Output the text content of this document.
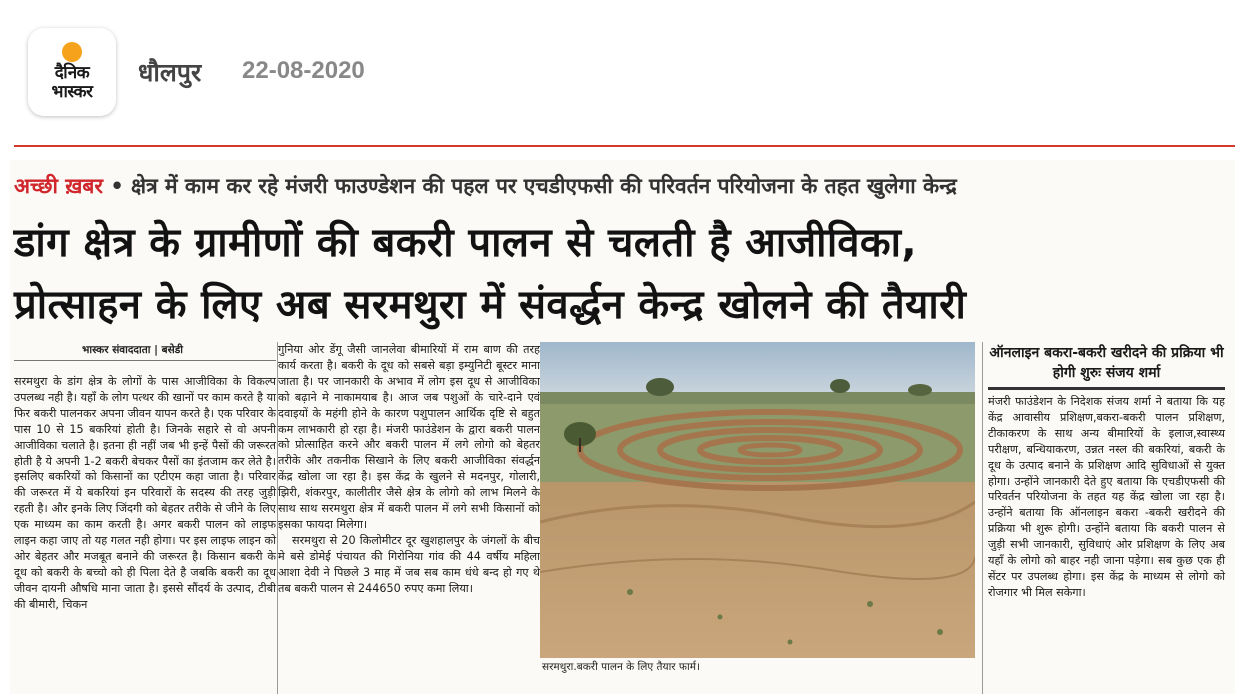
दैनिक
भास्कर
धौलपुर 22-08-2020
अच्छी ख़बर • क्षेत्र में काम कर रहे मंजरी फाउण्डेशन की पहल पर एचडीएफसी की परिवर्तन परियोजना के तहत खुलेगा केन्द्र
डांग क्षेत्र के ग्रामीणों की बकरी पालन से चलती है आजीविका,
प्रोत्साहन के लिए अब सरमथुरा में संवर्द्धन केन्द्र खोलने की तैयारी
भास्कर संवाददाता | बसेडी
सरमथुरा के डांग क्षेत्र के लोगों के पास आजीविका के विकल्प उपलब्ध नही है। यहाँ के लोग पत्थर की खानों पर काम करते है या फिर बकरी पालनकर अपना जीवन यापन करते है। एक परिवार के पास 10 से 15 बकरियां होती है। जिनके सहारे से वो अपनी आजीविका चलाते है। इतना ही नहीं जब भी इन्हें पैसों की जरूरत होती है ये अपनी 1-2 बकरी बेचकर पैसों का इंतजाम कर लेते है। इसलिए बकरियों को किसानों का एटीएम कहा जाता है। परिवार की जरूरत में ये बकरियां इन परिवारों के सदस्य की तरह जुड़ी रहती है। और इनके लिए जिंदगी को बेहतर तरीके से जीने के लिए एक माध्यम का काम करती है। अगर बकरी पालन को लाइफ लाइन कहा जाए तो यह गलत नही होगा। पर इस लाइफ लाइन को ओर बेहतर और मजबूत बनाने की जरूरत है। किसान बकरी के दूध को बकरी के बच्चो को ही पिला देते है जबकि बकरी का दूध जीवन दायनी औषधि माना जाता है। इससे सौंदर्य के उत्पाद, टीबी की बीमारी, चिकन

गुनिया ओर डेंगू जैसी जानलेवा बीमारियों में राम बाण की तरह कार्य करता है। बकरी के दूध को सबसे बड़ा इम्युनिटी बूस्टर माना जाता है। पर जानकारी के अभाव में लोग इस दूध से आजीविका को बढ़ाने मे नाकामयाब है। आज जब पशुओं के चारे-दाने एवं दवाइयों के महंगी होने के कारण पशुपालन आर्थिक दृष्टि से बहुत कम लाभकारी हो रहा है। मंजरी फाउंडेशन के द्वारा बकरी पालन को प्रोत्साहित करने और बकरी पालन में लगे लोगो को बेहतर तरीके और तकनीक सिखाने के लिए बकरी आजीविका संवर्द्धन केंद्र खोला जा रहा है। इस केंद्र के खुलने से मदनपुर, गोलारी, झिरी, शंकरपुर, कालीतीर जैसे क्षेत्र के लोगो को लाभ मिलने के साथ साथ सरमथुरा क्षेत्र में बकरी पालन में लगे सभी किसानों को इसका फायदा मिलेगा।

सरमथुरा से 20 किलोमीटर दूर खुशहालपुर के जंगलों के बीच मे बसे डोमेई पंचायत की गिरोनिया गांव की 44 वर्षीय महिला आशा देवी ने पिछले 3 माह में जब सब काम धंधे बन्द हो गए थे तब बकरी पालन से 244650 रुपए कमा लिया।

सरमथुरा.बकरी पालन के लिए तैयार फार्म।
ऑनलाइन बकरा-बकरी खरीदने की प्रक्रिया भी होगी शुरुः संजय शर्मा
मंजरी फाउंडेशन के निदेशक संजय शर्मा ने बताया कि यह केंद्र आवासीय प्रशिक्षण,बकरा-बकरी पालन प्रशिक्षण, टीकाकरण के साथ अन्य बीमारियों के इलाज,स्वास्थ्य परीक्षण, बन्धियाकरण, उन्नत नस्ल की बकरियां, बकरी के दूध के उत्पाद बनाने के प्रशिक्षण आदि सुविधाओं से युक्त होगा। उन्होंने जानकारी देते हुए बताया कि एचडीएफसी की परिवर्तन परियोजना के तहत यह केंद्र खोला जा रहा है। उन्होंने बताया कि ऑनलाइन बकरा -बकरी खरीदने की प्रक्रिया भी शुरू होगी। उन्होंने बताया कि बकरी पालन से जुड़ी सभी जानकारी, सुविधाएं ओर प्रशिक्षण के लिए अब यहाँ के लोगो को बाहर नही जाना पड़ेगा। सब कुछ एक ही सेंटर पर उपलब्ध होगा। इस केंद्र के माध्यम से लोगो को रोजगार भी मिल सकेगा।
